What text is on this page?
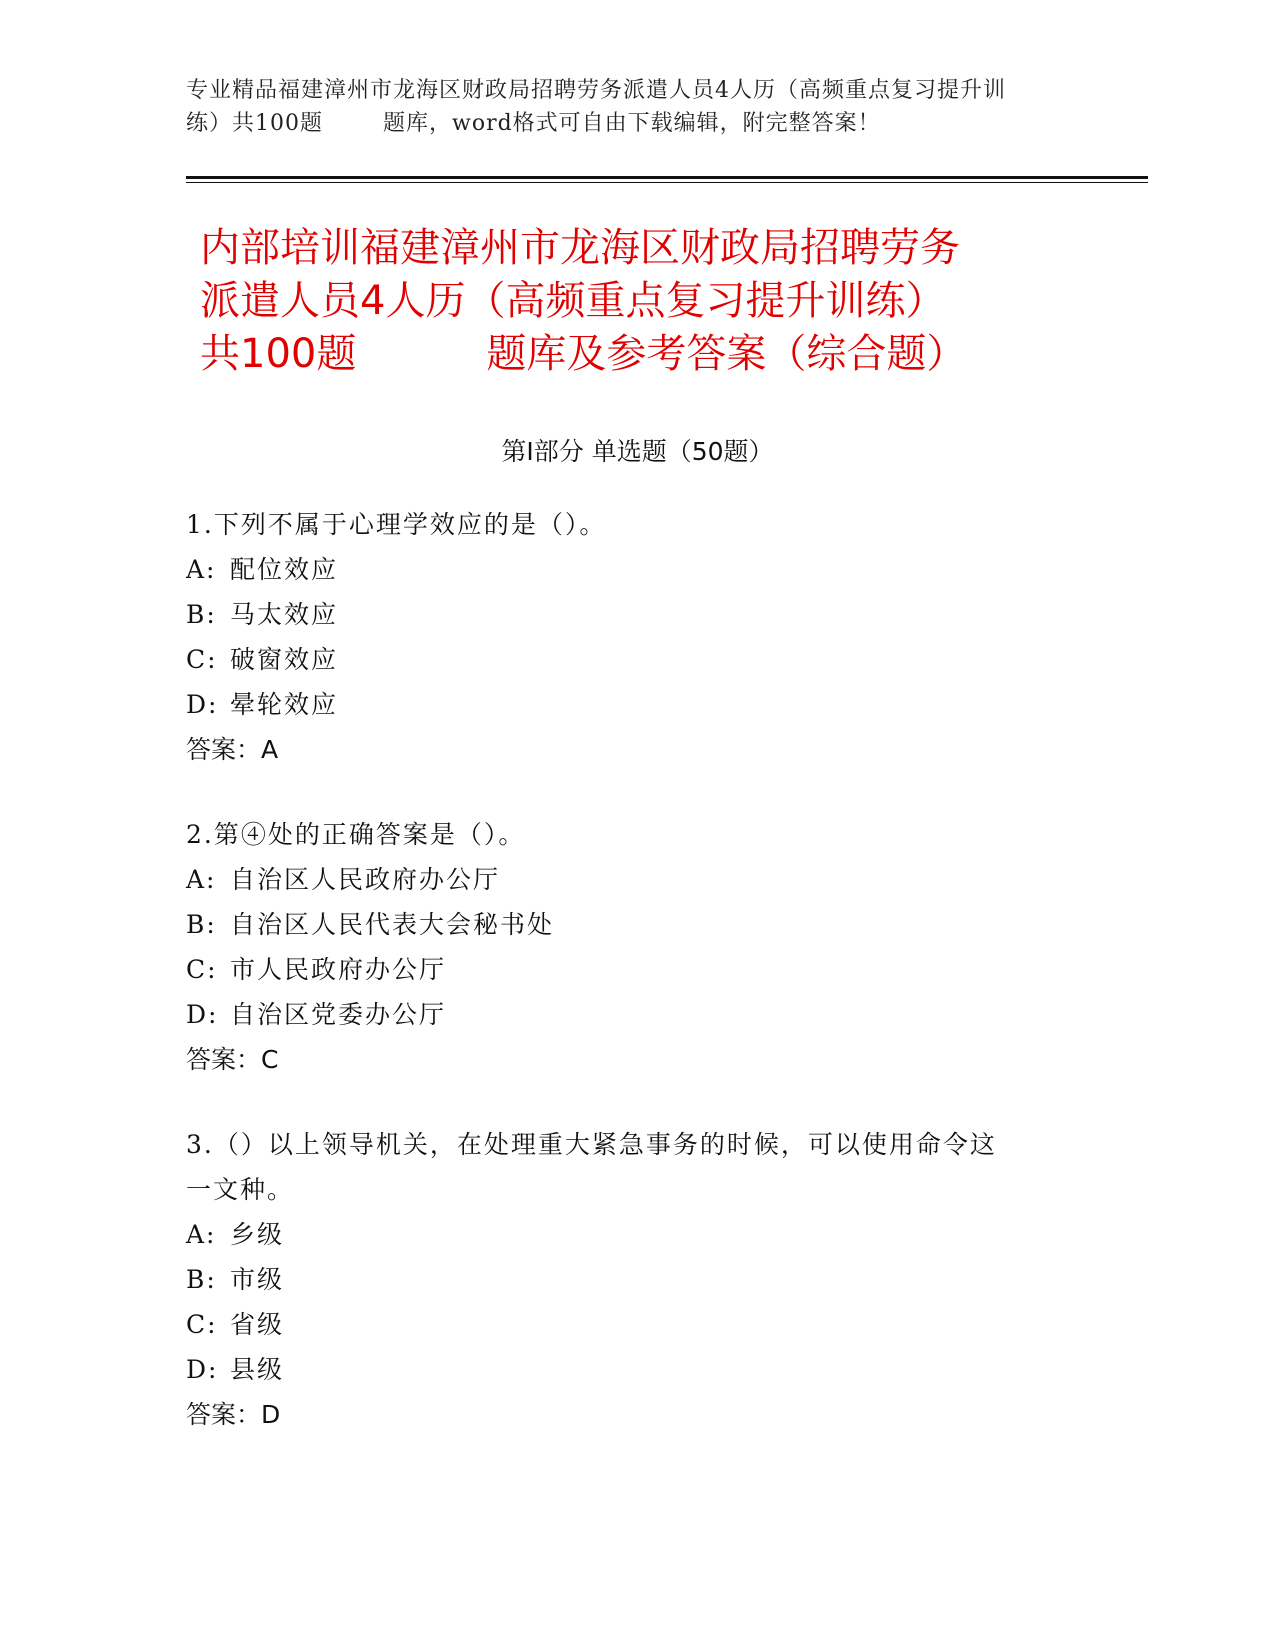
专业精品福建漳州市龙海区财政局招聘劳务派遣人员4人历（高频重点复习提升训
练）共100题	题库，word格式可自由下载编辑，附完整答案！
内部培训福建漳州市龙海区财政局招聘劳务
派遣人员4人历（高频重点复习提升训练）
共100题	题库及参考答案（综合题）
第Ⅰ部分 单选题（50题）
1.下列不属于心理学效应的是（）。
A: 配位效应
B: 马太效应
C: 破窗效应
D: 晕轮效应
答案：A
2.第④处的正确答案是（）。
A: 自治区人民政府办公厅
B: 自治区人民代表大会秘书处
C: 市人民政府办公厅
D: 自治区党委办公厅
答案：C
3.（）以上领导机关，在处理重大紧急事务的时候，可以使用命令这
一文种。
A: 乡级
B: 市级
C: 省级
D: 县级
答案：D
